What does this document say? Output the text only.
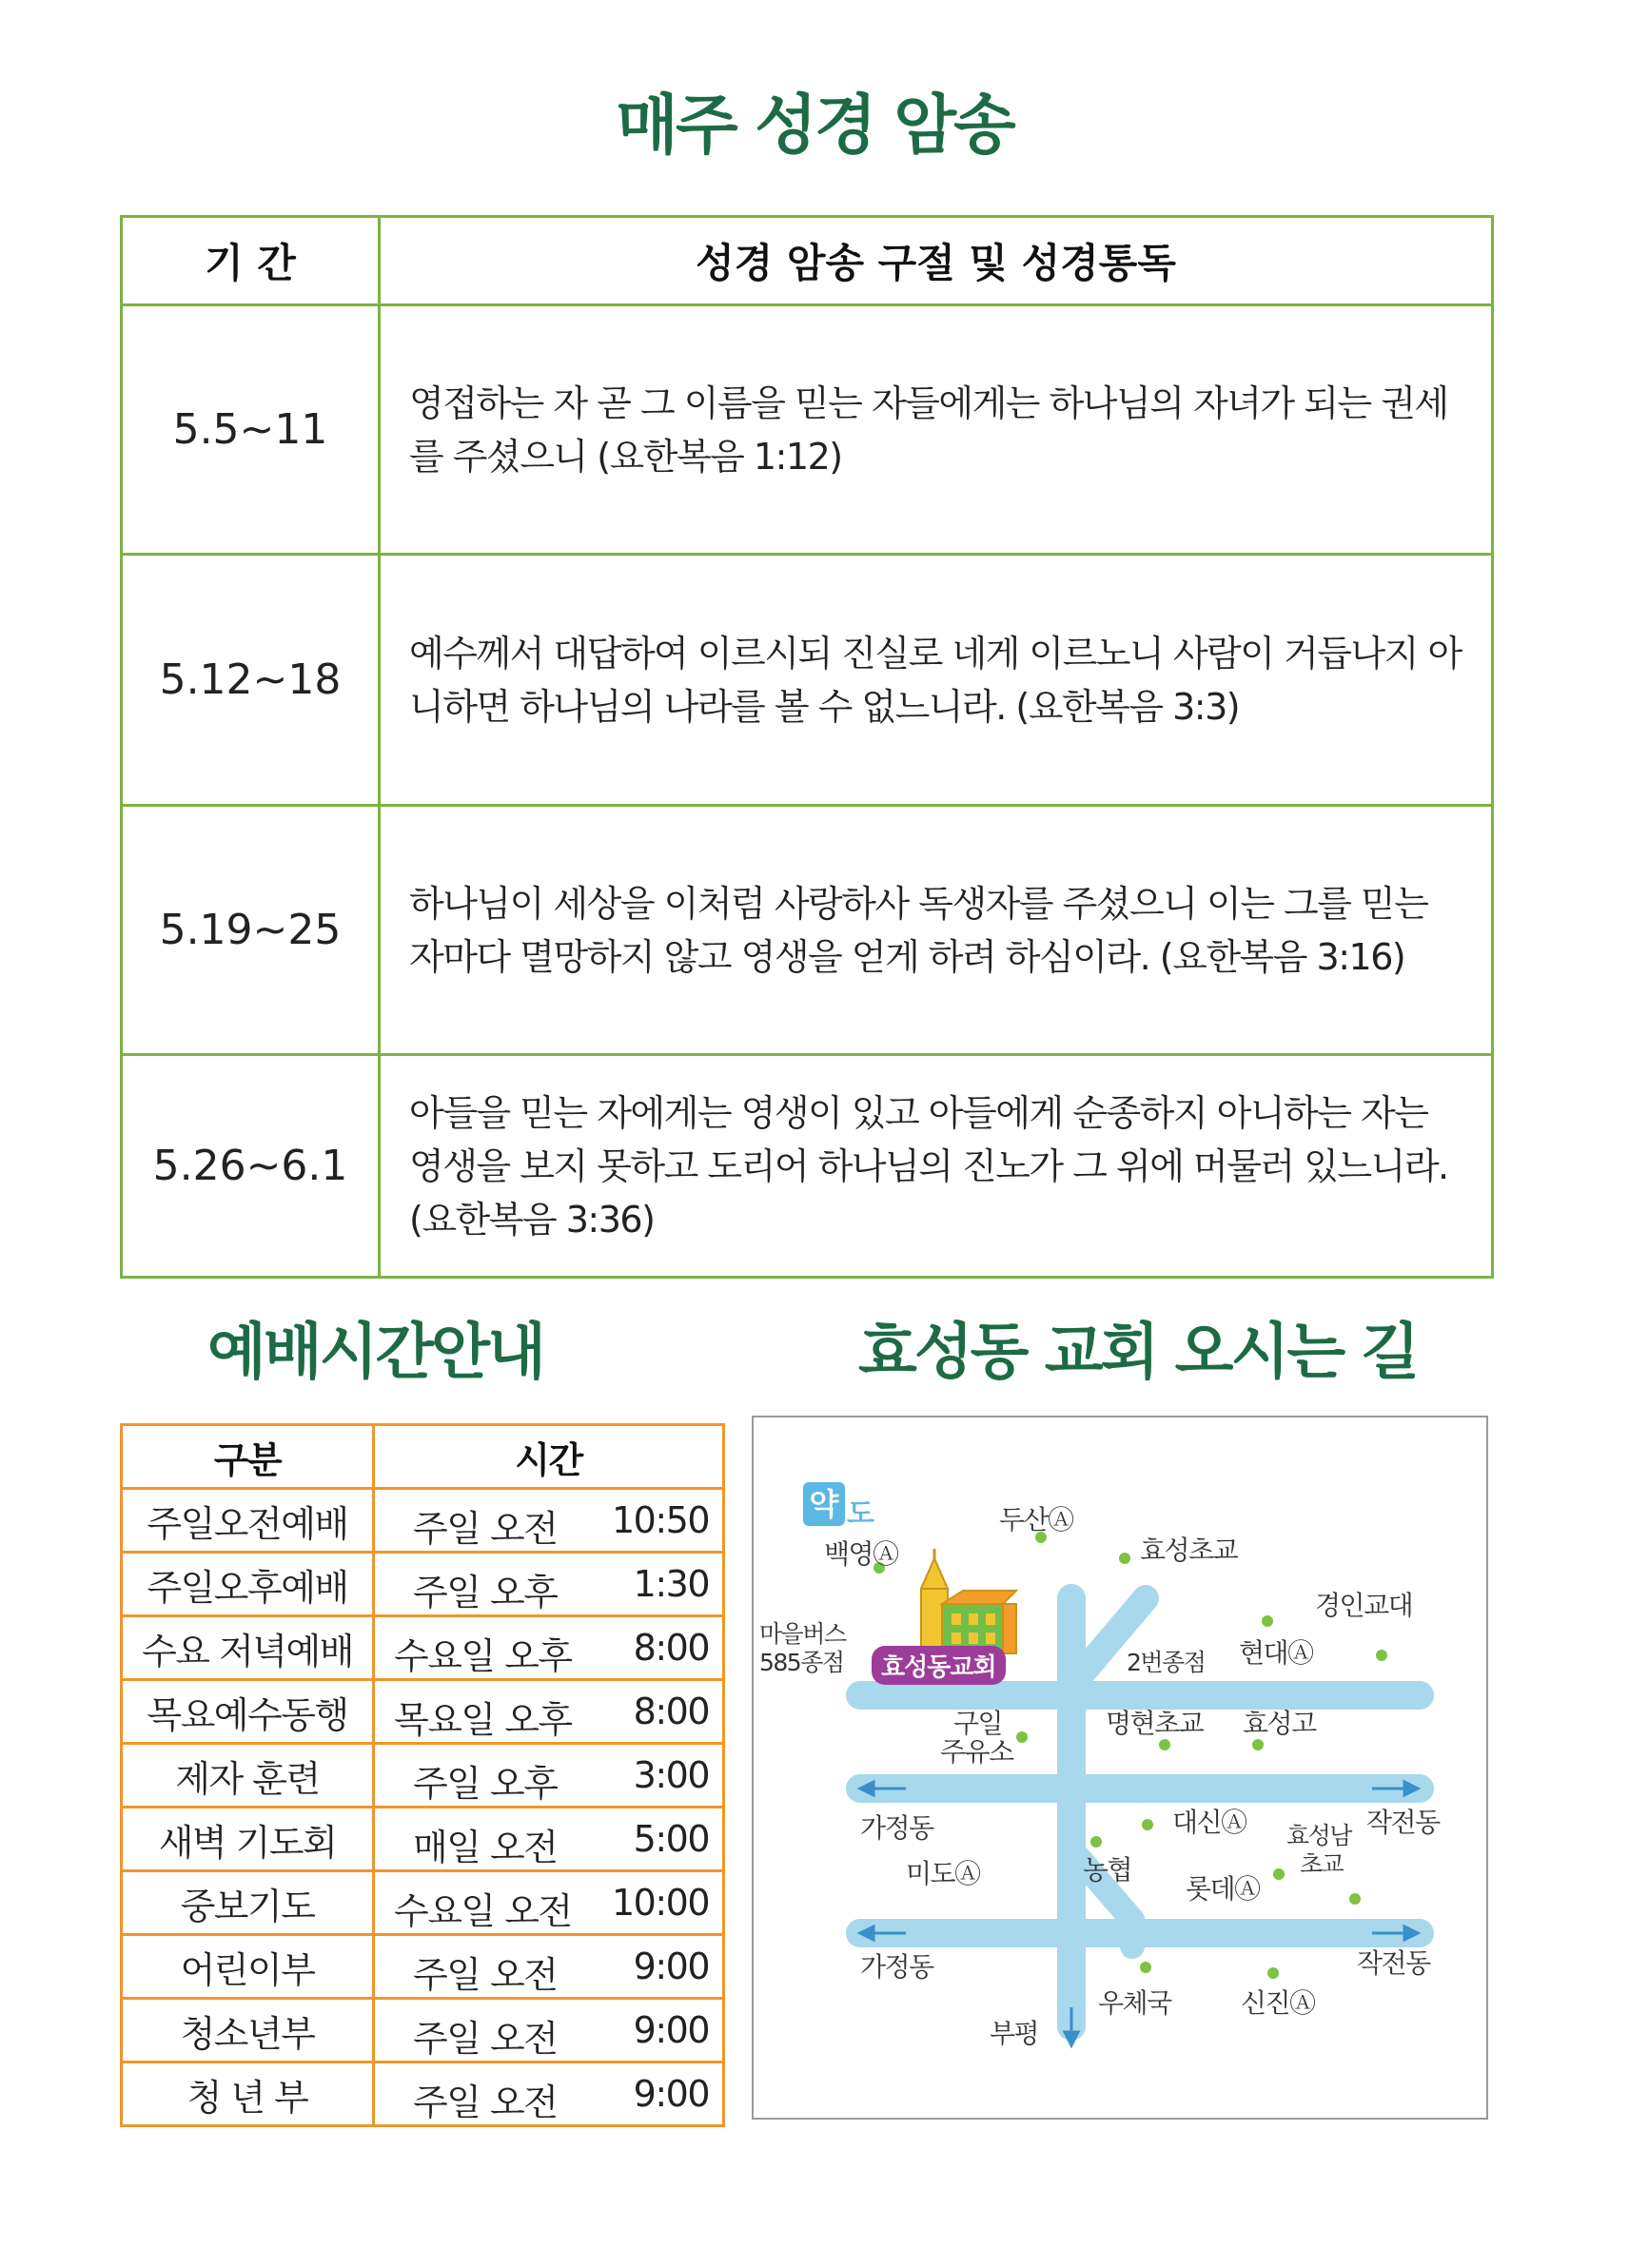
매주 성경 암송
기 간	성경 암송 구절 및 성경통독
5.5~11	영접하는 자 곧 그 이름을 믿는 자들에게는 하나님의 자녀가 되는 권세를 주셨으니 (요한복음 1:12)
5.12~18	예수께서 대답하여 이르시되 진실로 네게 이르노니 사람이 거듭나지 아니하면 하나님의 나라를 볼 수 없느니라. (요한복음 3:3)
5.19~25	하나님이 세상을 이처럼 사랑하사 독생자를 주셨으니 이는 그를 믿는 자마다 멸망하지 않고 영생을 얻게 하려 하심이라. (요한복음 3:16)
5.26~6.1	아들을 믿는 자에게는 영생이 있고 아들에게 순종하지 아니하는 자는 영생을 보지 못하고 도리어 하나님의 진노가 그 위에 머물러 있느니라. (요한복음 3:36)
예배시간안내	효성동 교회 오시는 길
구분	시간
주일오전예배	주일 오전 10:50

주일오후예배	주일 오후 1:30

수요 저녁예배	수요일 오후 8:00

목요예수동행	목요일 오후 8:00

제자 훈련	주일 오후 3:00

새벽 기도회	매일 오전 5:00

중보기도	수요일 오전 10:00

어린이부	주일 오전 9:00

청소년부	주일 오전 9:00

청 년 부	주일 오전 9:00
약 도
효성동교회
두산Ⓐ
효성초교
백영Ⓐ
경인교대
마을버스
585종점	2번종점 현대Ⓐ
구일
주유소
명현초교 효성고
가정동	대신Ⓐ 효성남
초교
작전동
미도Ⓐ	농협
롯데Ⓐ
가정동	작전동
우체국	신진Ⓐ
부평
